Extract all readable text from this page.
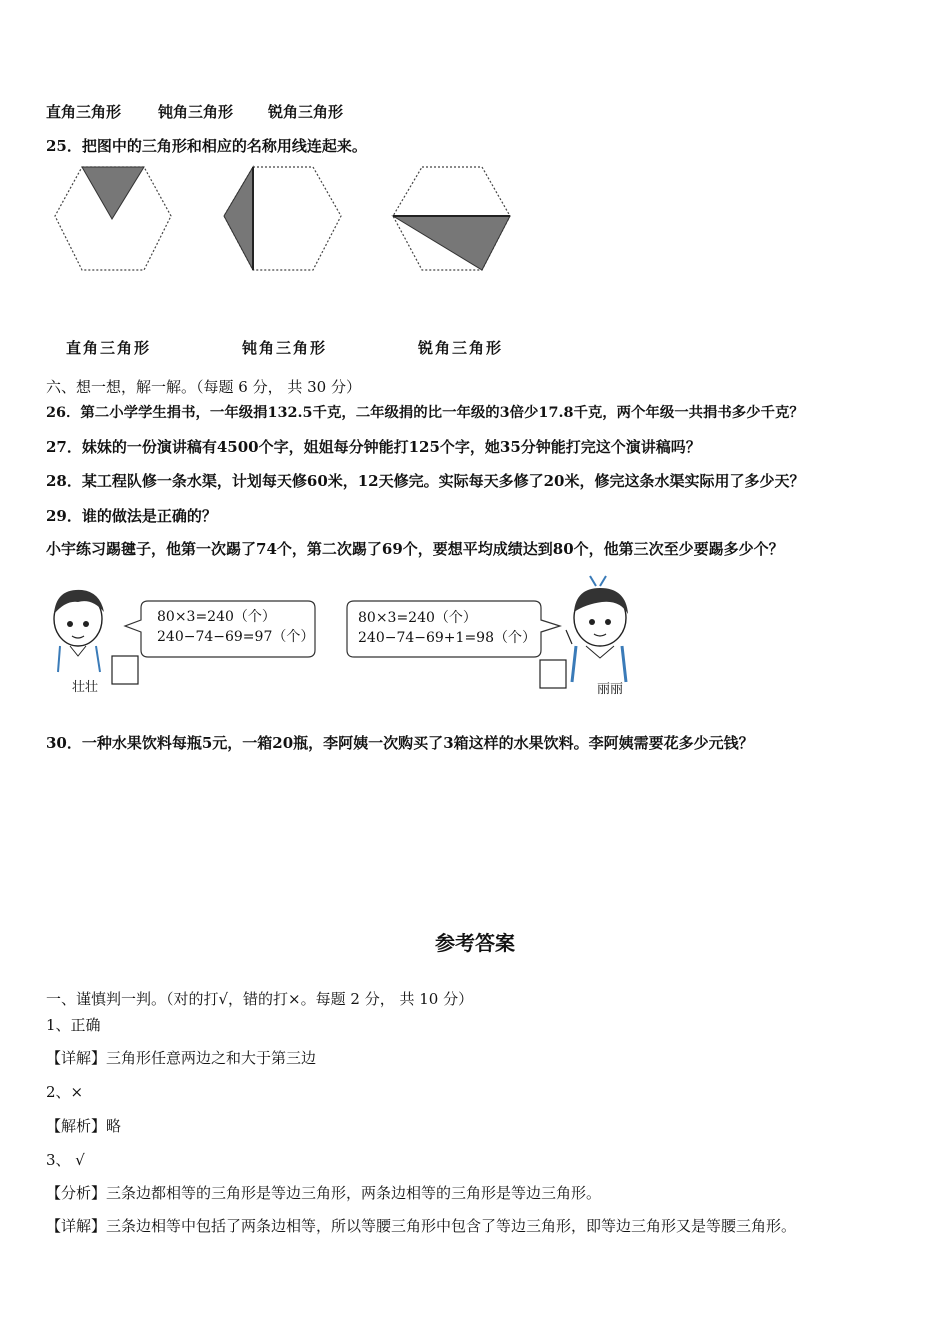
直角三角形 钝角三角形 锐角三角形
25．把图中的三角形和相应的名称用线连起来。
直角三角形	钝角三角形	锐角三角形
六、想一想，解一解。（每题 6 分， 共 30 分）
26．第二小学学生捐书，一年级捐132.5千克，二年级捐的比一年级的3倍少17.8千克，两个年级一共捐书多少千克？
27．妹妹的一份演讲稿有4500个字，姐姐每分钟能打125个字，她35分钟能打完这个演讲稿吗？
28．某工程队修一条水渠，计划每天修60米，12天修完。实际每天多修了20米，修完这条水渠实际用了多少天？
29．谁的做法是正确的？
小宇练习踢毽子，他第一次踢了74个，第二次踢了69个，要想平均成绩达到80个，他第三次至少要踢多少个？
壮壮
80×3=240（个）
240−74−69=97（个）
80×3=240（个）
240−74−69+1=98（个）
丽丽
30．一种水果饮料每瓶5元，一箱20瓶，李阿姨一次购买了3箱这样的水果饮料。李阿姨需要花多少元钱？
参考答案
一、谨慎判一判。（对的打√，错的打×。每题 2 分， 共 10 分）
1、正确
【详解】三角形任意两边之和大于第三边
2、×
【解析】略
3、 √
【分析】三条边都相等的三角形是等边三角形，两条边相等的三角形是等边三角形。
【详解】三条边相等中包括了两条边相等，所以等腰三角形中包含了等边三角形，即等边三角形又是等腰三角形。
